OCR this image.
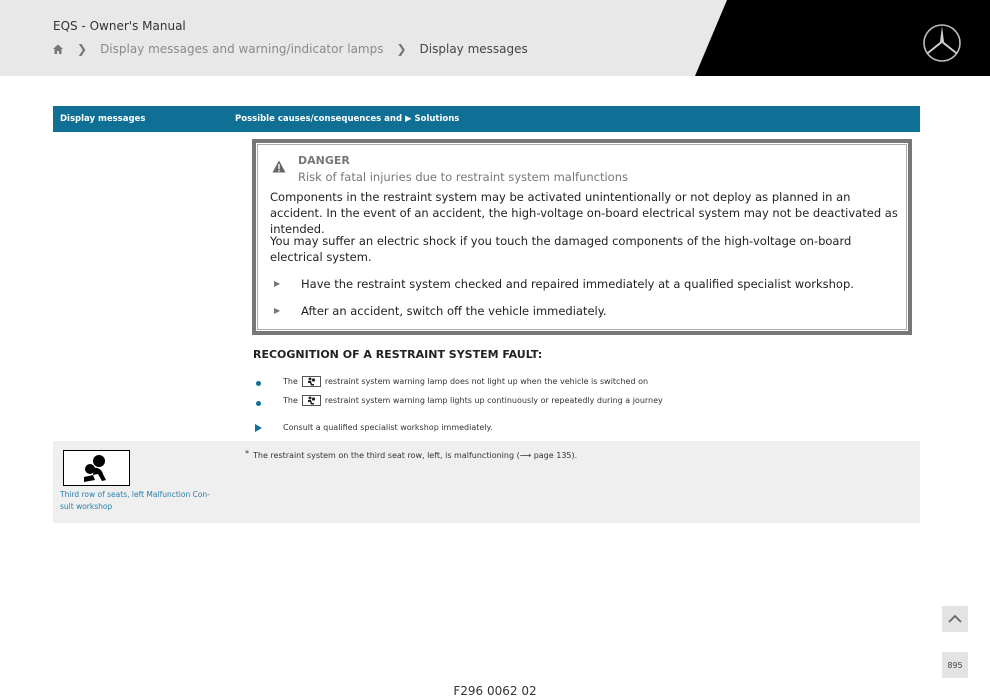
EQS - Owner's Manual
❯ Display messages and warning/indicator lamps ❯ Display messages
Display messages	Possible causes/consequences and ▶ Solutions
DANGER
Risk of fatal injuries due to restraint system malfunctions
Components in the restraint system may be activated unintentionally or not deploy as planned in an accident. In the event of an accident, the high-voltage on-board electrical system may not be deactivated as intended.
You may suffer an electric shock if you touch the damaged components of the high-voltage on-board electrical system.
▶ Have the restraint system checked and repaired immediately at a qualified specialist workshop.
▶ After an accident, switch off the vehicle immediately.
RECOGNITION OF A RESTRAINT SYSTEM FAULT:
The	restraint system warning lamp does not light up when the vehicle is switched on
The	restraint system warning lamp lights up continuously or repeatedly during a journey
Consult a qualified specialist workshop immediately.
Third row of seats, left Malfunction Con-sult workshop
* The restraint system on the third seat row, left, is malfunctioning (⟶ page 135).
895
F296 0062 02
